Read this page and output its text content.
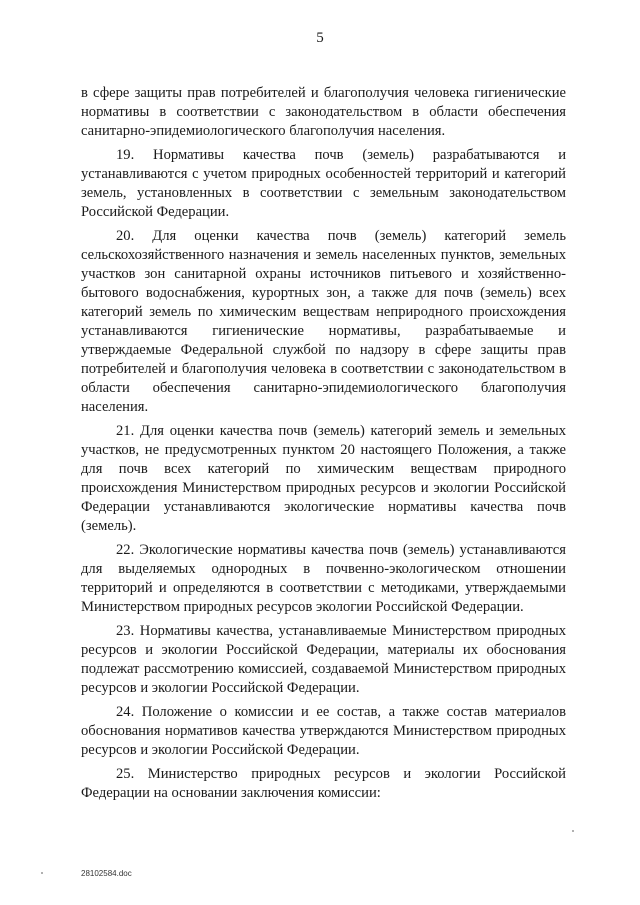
5

в сфере защиты прав потребителей и благополучия человека гигиенические нормативы в соответствии с законодательством в области обеспечения санитарно-эпидемиологического благополучия населения.

19. Нормативы качества почв (земель) разрабатываются и устанавливаются с учетом природных особенностей территорий и категорий земель, установленных в соответствии с земельным законодательством Российской Федерации.

20. Для оценки качества почв (земель) категорий земель сельскохозяйственного назначения и земель населенных пунктов, земельных участков зон санитарной охраны источников питьевого и хозяйственно-бытового водоснабжения, курортных зон, а также для почв (земель) всех категорий земель по химическим веществам неприродного происхождения устанавливаются гигиенические нормативы, разрабатываемые и утверждаемые Федеральной службой по надзору в сфере защиты прав потребителей и благополучия человека в соответствии с законодательством в области обеспечения санитарно-эпидемиологического благополучия населения.

21. Для оценки качества почв (земель) категорий земель и земельных участков, не предусмотренных пунктом 20 настоящего Положения, а также для почв всех категорий по химическим веществам природного происхождения Министерством природных ресурсов и экологии Российской Федерации устанавливаются экологические нормативы качества почв (земель).

22. Экологические нормативы качества почв (земель) устанавливаются для выделяемых однородных в почвенно-экологическом отношении территорий и определяются в соответствии с методиками, утверждаемыми Министерством природных ресурсов экологии Российской Федерации.

23. Нормативы качества, устанавливаемые Министерством природных ресурсов и экологии Российской Федерации, материалы их обоснования подлежат рассмотрению комиссией, создаваемой Министерством природных ресурсов и экологии Российской Федерации.

24. Положение о комиссии и ее состав, а также состав материалов обоснования нормативов качества утверждаются Министерством природных ресурсов и экологии Российской Федерации.

25. Министерство природных ресурсов и экологии Российской Федерации на основании заключения комиссии:

28102584.doc
